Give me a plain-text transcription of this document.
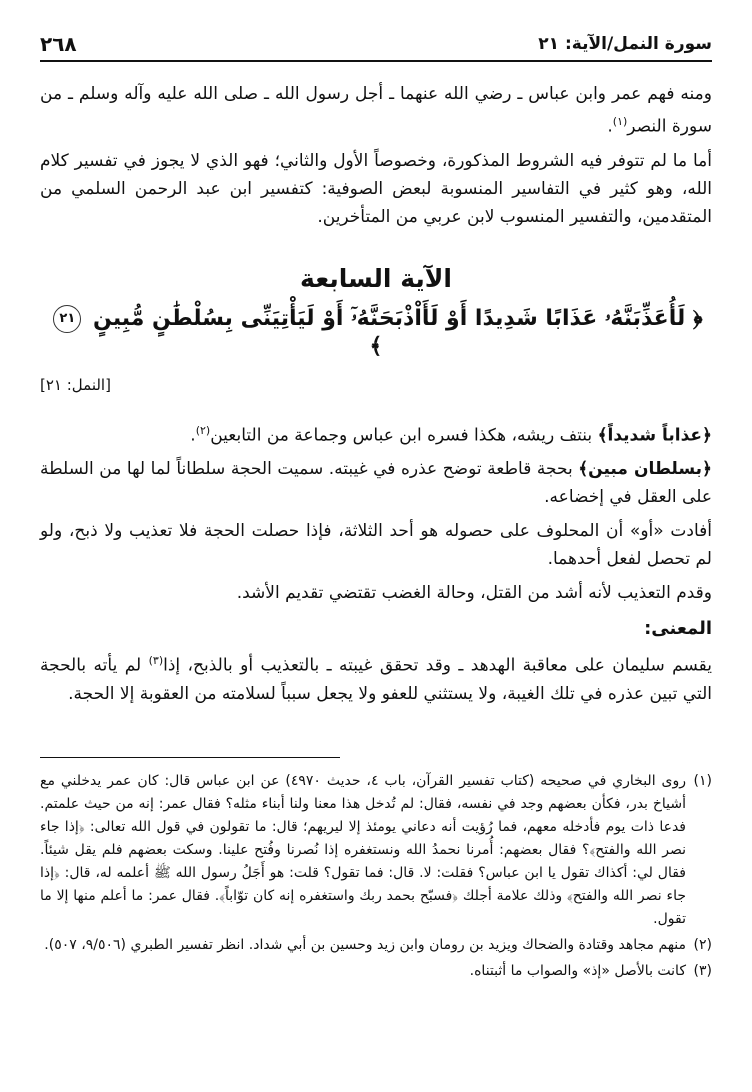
سورة النمل/الآية: ٢١
٢٦٨

ومنه فهم عمر وابن عباس ـ رضي الله عنهما ـ أجل رسول الله ـ صلى الله عليه وآله وسلم ـ من سورة النصر$^{(١)}$.

أما ما لم تتوفر فيه الشروط المذكورة، وخصوصاً الأول والثاني؛ فهو الذي لا يجوز في تفسير كلام الله، وهو كثير في التفاسير المنسوبة لبعض الصوفية: كتفسير ابن عبد الرحمن السلمي من المتقدمين، والتفسير المنسوب لابن عربي من المتأخرين.

الآية السابعة
﴿ لَأُعَذِّبَنَّهُۥ عَذَابًا شَدِيدًا أَوْ لَأَاْذْبَحَنَّهُۥٓ أَوْ لَيَأْتِيَنِّى بِسُلْطَٰنٍ مُّبِينٍ ٢١ ﴾
[النمل: ٢١]

﴿عذاباً شديداً﴾ بنتف ريشه، هكذا فسره ابن عباس وجماعة من التابعين$^{(٢)}$.

﴿بسلطان مبين﴾ بحجة قاطعة توضح عذره في غيبته. سميت الحجة سلطاناً لما لها من السلطة على العقل في إخضاعه.

أفادت «أو» أن المحلوف على حصوله هو أحد الثلاثة، فإذا حصلت الحجة فلا تعذيب ولا ذبح، ولو لم تحصل لفعل أحدهما.

وقدم التعذيب لأنه أشد من القتل، وحالة الغضب تقتضي تقديم الأشد.

المعنى:

يقسم سليمان على معاقبة الهدهد ـ وقد تحقق غيبته ـ بالتعذيب أو بالذبح، إذا$^{(٣)}$ لم يأته بالحجة التي تبين عذره في تلك الغيبة، ولا يستثني للعفو ولا يجعل سبباً لسلامته من العقوبة إلا الحجة.

(١)
روى البخاري في صحيحه (كتاب تفسير القرآن، باب ٤، حديث ٤٩٧٠) عن ابن عباس قال: كان عمر يدخلني مع أشياخ بدر، فكأن بعضهم وجد في نفسه، فقال: لم تُدخل هذا معنا ولنا أبناء مثله؟ فقال عمر: إنه من حيث علمتم. فدعا ذات يوم فأدخله معهم، فما رُؤيت أنه دعاني يومئذ إلا ليريهم؛ قال: ما تقولون في قول الله تعالى: ﴿إذا جاء نصر الله والفتح﴾؟ فقال بعضهم: أُمرنا نحمدُ الله ونستغفره إذا نُصرنا وفُتح علينا. وسكت بعضهم فلم يقل شيئاً. فقال لي: أكذاك تقول يا ابن عباس؟ فقلت: لا. قال: فما تقول؟ قلت: هو أَجَلُ رسول الله ﷺ أعلمه له، قال: ﴿إذا جاء نصر الله والفتح﴾ وذلك علامة أجلك ﴿فسبّح بحمد ربك واستغفره إنه كان توّاباً﴾. فقال عمر: ما أعلم منها إلا ما تقول.
(٢)
منهم مجاهد وقتادة والضحاك ويزيد بن رومان وابن زيد وحسين بن أبي شداد. انظر تفسير الطبري (٩/٥٠٦، ٥٠٧).
(٣)
كانت بالأصل «إذ» والصواب ما أثبتناه.
